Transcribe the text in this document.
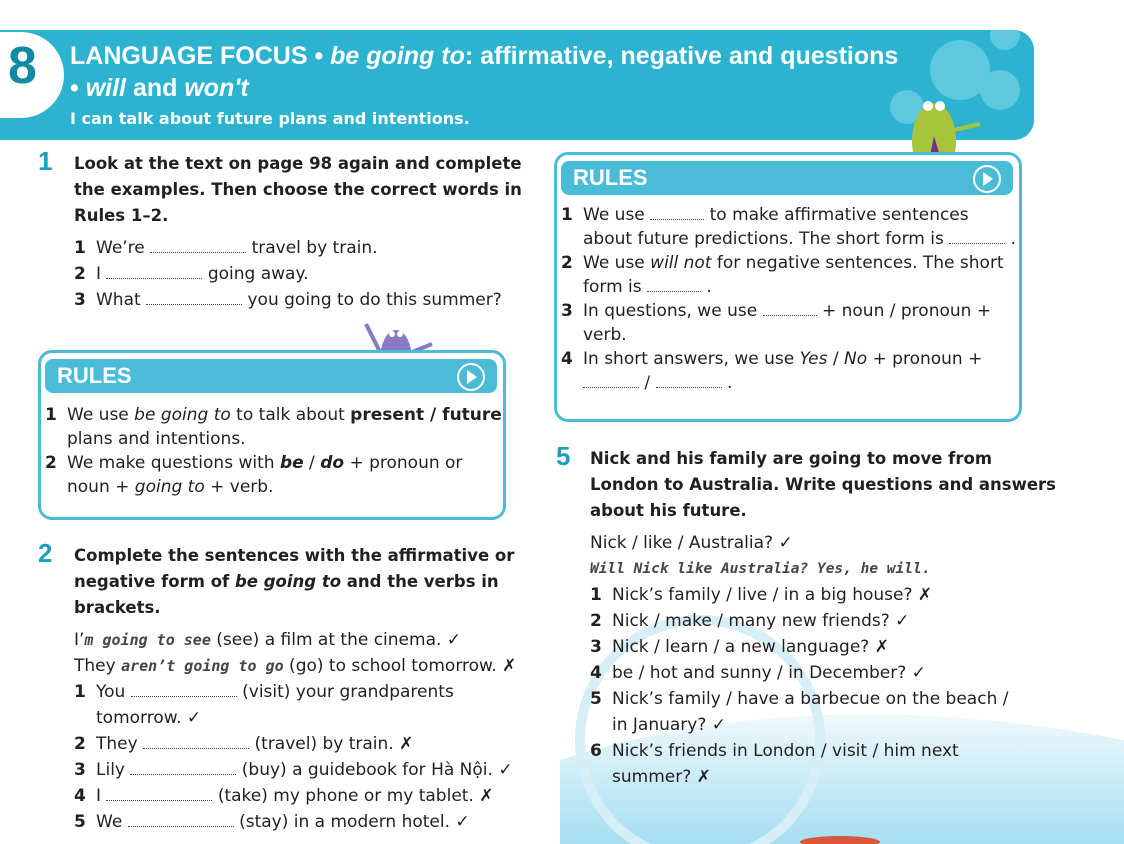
8 LANGUAGE FOCUS • be going to: affirmative, negative and questions
• will and won't
I can talk about future plans and intentions.
1 Look at the text on page 98 again and complete
the examples. Then choose the correct words in
Rules 1–2.
1 We’re	travel by train.
2 I	going away.
3 What	you going to do this summer?
RULES
1 We use be going to to talk about present / future
plans and intentions.
2 We make questions with be / do + pronoun or
noun + going to + verb.
2 Complete the sentences with the affirmative or
negative form of be going to and the verbs in
brackets.
I’m going to see (see) a film at the cinema. ✓
They aren’t going to go (go) to school tomorrow. ✗
1 You	(visit) your grandparents
tomorrow. ✓
2 They	(travel) by train. ✗
3 Lily	(buy) a guidebook for Hà Nội. ✓
4 I	(take) my phone or my tablet. ✗
5 We	(stay) in a modern hotel. ✓
RULES
1 We use	to make affirmative sentences
about future predictions. The short form is	.
2 We use will not for negative sentences. The short
form is	.
3 In questions, we use	+ noun / pronoun +
verb.
4 In short answers, we use Yes / No + pronoun +
/	.
5 Nick and his family are going to move from
London to Australia. Write questions and answers
about his future.
Nick / like / Australia? ✓
Will Nick like Australia? Yes, he will.
1 Nick’s family / live / in a big house? ✗
2 Nick / make / many new friends? ✓
3 Nick / learn / a new language? ✗
4 be / hot and sunny / in December? ✓
5 Nick’s family / have a barbecue on the beach /
in January? ✓
6 Nick’s friends in London / visit / him next
summer? ✗
